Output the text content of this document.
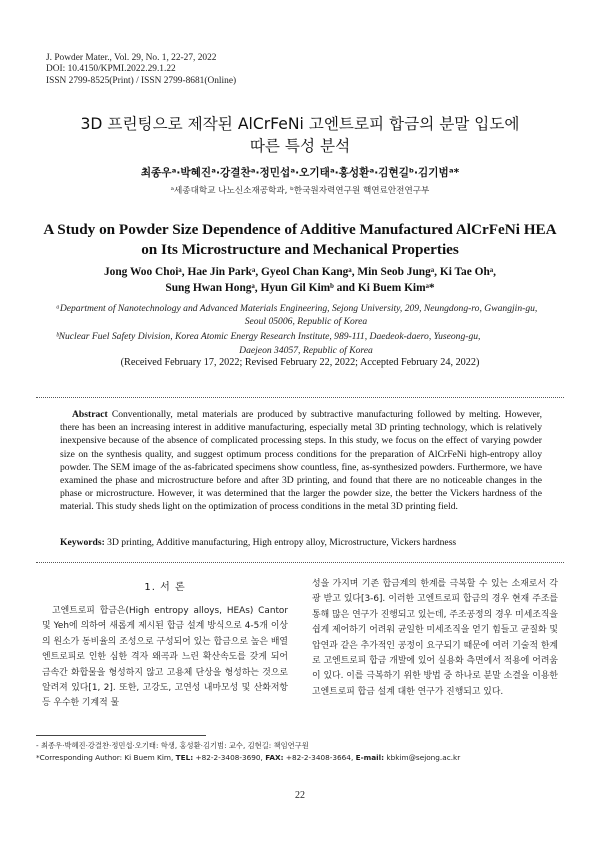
J. Powder Mater., Vol. 29, No. 1, 22-27, 2022
DOI: 10.4150/KPMI.2022.29.1.22
ISSN 2799-8525(Print) / ISSN 2799-8681(Online)
3D 프린팅으로 제작된 AlCrFeNi 고엔트로피 합금의 분말 입도에
따른 특성 분석
최종우ᵃ·박혜진ᵃ·강결찬ᵃ·정민섭ᵃ·오기태ᵃ·홍성환ᵃ·김현길ᵇ·김기범ᵃ*
ᵃ세종대학교 나노신소재공학과, ᵇ한국원자력연구원 핵연료안전연구부
A Study on Powder Size Dependence of Additive Manufactured AlCrFeNi HEA
on Its Microstructure and Mechanical Properties
Jong Woo Choiᵃ, Hae Jin Parkᵃ, Gyeol Chan Kangᵃ, Min Seob Jungᵃ, Ki Tae Ohᵃ,
Sung Hwan Hongᵃ, Hyun Gil Kimᵇ and Ki Buem Kimᵃ*
ᵃDepartment of Nanotechnology and Advanced Materials Engineering, Sejong University, 209, Neungdong-ro, Gwangjin-gu,
Seoul 05006, Republic of Korea
ᵇNuclear Fuel Safety Division, Korea Atomic Energy Research Institute, 989-111, Daedeok-daero, Yuseong-gu,
Daejeon 34057, Republic of Korea
(Received February 17, 2022; Revised February 22, 2022; Accepted February 24, 2022)
Abstract Conventionally, metal materials are produced by subtractive manufacturing followed by melting. However, there has been an increasing interest in additive manufacturing, especially metal 3D printing technology, which is relatively inexpensive because of the absence of complicated processing steps. In this study, we focus on the effect of varying powder size on the synthesis quality, and suggest optimum process conditions for the preparation of AlCrFeNi high-entropy alloy powder. The SEM image of the as-fabricated specimens show countless, fine, as-synthesized powders. Furthermore, we have examined the phase and microstructure before and after 3D printing, and found that there are no noticeable changes in the phase or microstructure. However, it was determined that the larger the powder size, the better the Vickers hardness of the material. This study sheds light on the optimization of process conditions in the metal 3D printing field.
Keywords: 3D printing, Additive manufacturing, High entropy alloy, Microstructure, Vickers hardness
1. 서 론
고엔트로피 합금은(High entropy alloys, HEAs) Cantor 및 Yeh에 의하여 새롭게 제시된 합금 설계 방식으로 4-5개 이상의 원소가 동비율의 조성으로 구성되어 있는 합금으로 높은 배열 엔트로피로 인한 심한 격자 왜곡과 느린 확산속도를 갖게 되어 금속간 화합물을 형성하지 않고 고용체 단상을 형성하는 것으로 알려져 있다[1, 2]. 또한, 고강도, 고연성 내마모성 및 산화저항 등 우수한 기계적 물
성을 가지며 기존 합금계의 한계를 극복할 수 있는 소재로서 각광 받고 있다[3-6]. 이러한 고엔트로피 합금의 경우 현재 주조를 통해 많은 연구가 진행되고 있는데, 주조공정의 경우 미세조직을 쉽게 제어하기 어려워 균일한 미세조직을 얻기 힘들고 균질화 및 압연과 같은 추가적인 공정이 요구되기 때문에 여러 기술적 한계로 고엔트로피 합금 개발에 있어 실용화 측면에서 적용에 어려움이 있다. 이를 극복하기 위한 방법 중 하나로 분말 소결을 이용한 고엔트로피 합금 설계 대한 연구가 진행되고 있다.
- 최종우·박혜진·강결찬·정민섭·오기태: 학생, 홍성환·김기범: 교수, 김현길: 책임연구원
*Corresponding Author: Ki Buem Kim, TEL: +82-2-3408-3690, FAX: +82-2-3408-3664, E-mail: kbkim@sejong.ac.kr
22
